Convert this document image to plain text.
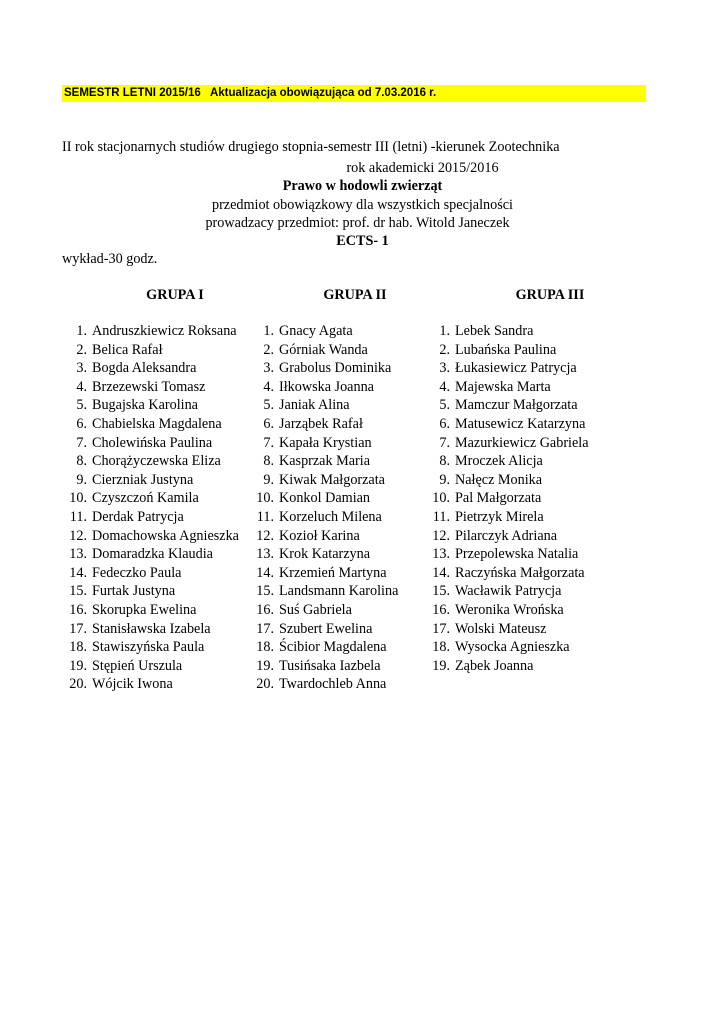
SEMESTR LETNI 2015/16 Aktualizacja obowiązująca od 7.03.2016 r.
II rok stacjonarnych studiów drugiego stopnia-semestr III (letni) -kierunek Zootechnika
rok akademicki 2015/2016
Prawo w hodowli zwierząt
przedmiot obowiązkowy dla wszystkich specjalności
prowadzacy przedmiot: prof. dr hab. Witold Janeczek
ECTS- 1
wykład-30 godz.
GRUPA I	GRUPA II	GRUPA III
1. Andruszkiewicz Roksana
2. Belica Rafał
3. Bogda Aleksandra
4. Brzezewski Tomasz
5. Bugajska Karolina
6. Chabielska Magdalena
7. Cholewińska Paulina
8. Chorążyczewska Eliza
9. Cierzniak Justyna
10. Czyszczoń Kamila
11. Derdak Patrycja
12. Domachowska Agnieszka
13. Domaradzka Klaudia
14. Fedeczko Paula
15. Furtak Justyna
16. Skorupka Ewelina
17. Stanisławska Izabela
18. Stawiszyńska Paula
19. Stępień Urszula
20. Wójcik Iwona
1. Gnacy Agata
2. Górniak Wanda
3. Grabolus Dominika
4. Iłkowska Joanna
5. Janiak Alina
6. Jarząbek Rafał
7. Kapała Krystian
8. Kasprzak Maria
9. Kiwak Małgorzata
10. Konkol Damian
11. Korzeluch Milena
12. Kozioł Karina
13. Krok Katarzyna
14. Krzemień Martyna
15. Landsmann Karolina
16. Suś Gabriela
17. Szubert Ewelina
18. Ścibior Magdalena
19. Tusińsaka Iazbela
20. Twardochleb Anna
1. Lebek Sandra
2. Lubańska Paulina
3. Łukasiewicz Patrycja
4. Majewska Marta
5. Mamczur Małgorzata
6. Matusewicz Katarzyna
7. Mazurkiewicz Gabriela
8. Mroczek Alicja
9. Nałęcz Monika
10. Pal Małgorzata
11. Pietrzyk Mirela
12. Pilarczyk Adriana
13. Przepolewska Natalia
14. Raczyńska Małgorzata
15. Wacławik Patrycja
16. Weronika Wrońska
17. Wolski Mateusz
18. Wysocka Agnieszka
19. Ząbek Joanna
